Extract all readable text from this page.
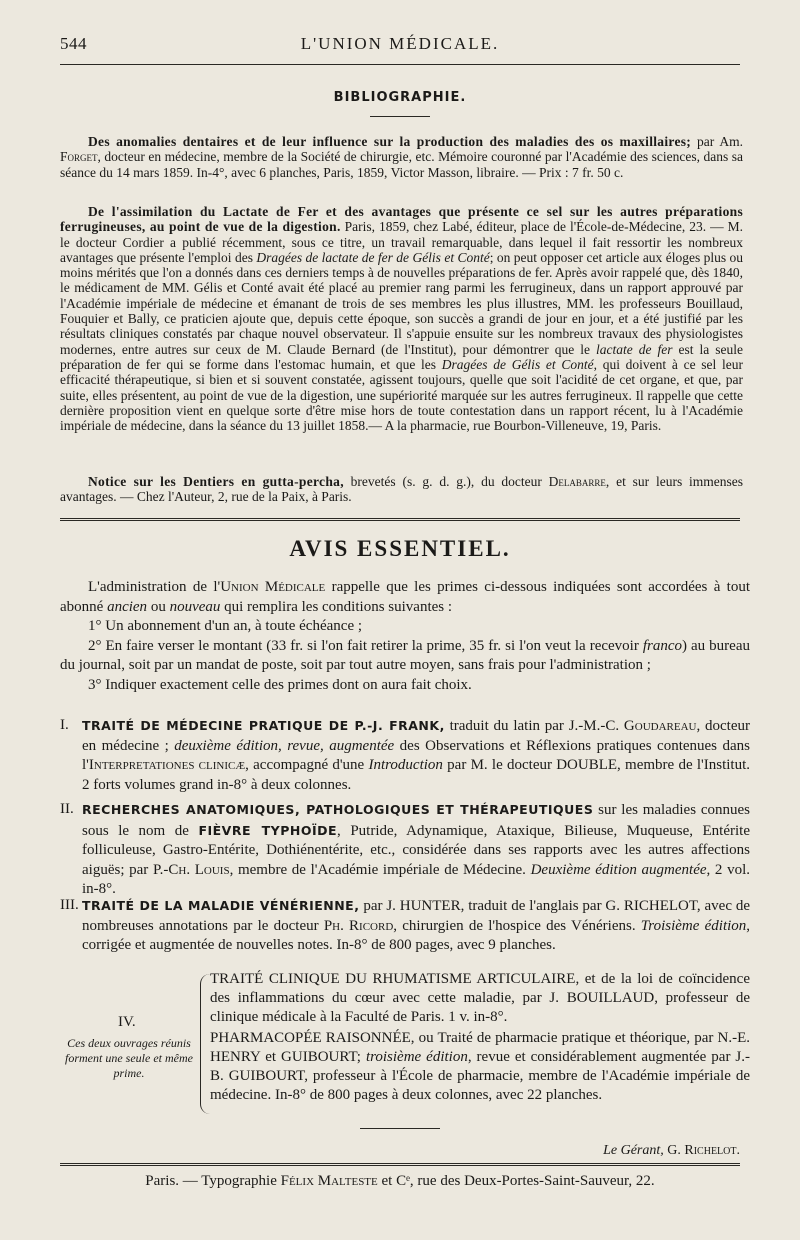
544	L'UNION MÉDICALE.
BIBLIOGRAPHIE.

Des anomalies dentaires et de leur influence sur la production des maladies des os maxillaires; par Am. Forget, docteur en médecine, membre de la Société de chirurgie, etc. Mémoire couronné par l'Académie des sciences, dans sa séance du 14 mars 1859. In-4°, avec 6 planches, Paris, 1859, Victor Masson, libraire. — Prix : 7 fr. 50 c.

De l'assimilation du Lactate de Fer et des avantages que présente ce sel sur les autres préparations ferrugineuses, au point de vue de la digestion. Paris, 1859, chez Labé, éditeur, place de l'École-de-Médecine, 23. — M. le docteur Cordier a publié récemment, sous ce titre, un travail remarquable, dans lequel il fait ressortir les nombreux avantages que présente l'emploi des Dragées de lactate de fer de Gélis et Conté; on peut opposer cet article aux éloges plus ou moins mérités que l'on a donnés dans ces derniers temps à de nouvelles préparations de fer. Après avoir rappelé que, dès 1840, le médicament de MM. Gélis et Conté avait été placé au premier rang parmi les ferrugineux, dans un rapport approuvé par l'Académie impériale de médecine et émanant de trois de ses membres les plus illustres, MM. les professeurs Bouillaud, Fouquier et Bally, ce praticien ajoute que, depuis cette époque, son succès a grandi de jour en jour, et a été justifié par les résultats cliniques constatés par chaque nouvel observateur. Il s'appuie ensuite sur les nombreux travaux des physiologistes modernes, entre autres sur ceux de M. Claude Bernard (de l'Institut), pour démontrer que le lactate de fer est la seule préparation de fer qui se forme dans l'estomac humain, et que les Dragées de Gélis et Conté, qui doivent à ce sel leur efficacité thérapeutique, si bien et si souvent constatée, agissent toujours, quelle que soit l'acidité de cet organe, et que, par suite, elles présentent, au point de vue de la digestion, une supériorité marquée sur les autres ferrugineux. Il rappelle que cette dernière proposition vient en quelque sorte d'être mise hors de toute contestation dans un rapport récent, lu à l'Académie impériale de médecine, dans la séance du 13 juillet 1858.— A la pharmacie, rue Bourbon-Villeneuve, 19, Paris.

Notice sur les Dentiers en gutta-percha, brevetés (s. g. d. g.), du docteur Delabarre, et sur leurs immenses avantages. — Chez l'Auteur, 2, rue de la Paix, à Paris.

AVIS ESSENTIEL.

L'administration de l'Union Médicale rappelle que les primes ci-dessous indiquées sont accordées à tout abonné ancien ou nouveau qui remplira les conditions suivantes :

1° Un abonnement d'un an, à toute échéance ;

2° En faire verser le montant (33 fr. si l'on fait retirer la prime, 35 fr. si l'on veut la recevoir franco) au bureau du journal, soit par un mandat de poste, soit par tout autre moyen, sans frais pour l'administration ;

3° Indiquer exactement celle des primes dont on aura fait choix.

I. TRAITÉ DE MÉDECINE PRATIQUE DE P.-J. FRANK, traduit du latin par J.-M.-C. Goudareau, docteur en médecine ; deuxième édition, revue, augmentée des Observations et Réflexions pratiques contenues dans l'Interpretationes clinicæ, accompagné d'une Introduction par M. le docteur DOUBLE, membre de l'Institut. 2 forts volumes grand in-8° à deux colonnes.
II. RECHERCHES ANATOMIQUES, PATHOLOGIQUES ET THÉRAPEUTIQUES sur les maladies connues sous le nom de FIÈVRE TYPHOÏDE, Putride, Adynamique, Ataxique, Bilieuse, Muqueuse, Entérite folliculeuse, Gastro-Entérite, Dothiénentérite, etc., considérée dans ses rapports avec les autres affections aiguës; par P.-Ch. Louis, membre de l'Académie impériale de Médecine. Deuxième édition augmentée, 2 vol. in-8°.
III. TRAITÉ DE LA MALADIE VÉNÉRIENNE, par J. HUNTER, traduit de l'anglais par G. RICHELOT, avec de nombreuses annotations par le docteur Ph. Ricord, chirurgien de l'hospice des Vénériens. Troisième édition, corrigée et augmentée de nouvelles notes. In-8° de 800 pages, avec 9 planches.
IV.
Ces deux ouvrages réunis forment une seule et même prime.

TRAITÉ CLINIQUE DU RHUMATISME ARTICULAIRE, et de la loi de coïncidence des inflammations du cœur avec cette maladie, par J. BOUILLAUD, professeur de clinique médicale à la Faculté de Paris. 1 v. in-8°.

PHARMACOPÉE RAISONNÉE, ou Traité de pharmacie pratique et théorique, par N.-E. HENRY et GUIBOURT; troisième édition, revue et considérablement augmentée par J.-B. GUIBOURT, professeur à l'École de pharmacie, membre de l'Académie impériale de médecine. In-8° de 800 pages à deux colonnes, avec 22 planches.

Le Gérant, G. Richelot.
Paris. — Typographie Félix Malteste et Cᵉ, rue des Deux-Portes-Saint-Sauveur, 22.
